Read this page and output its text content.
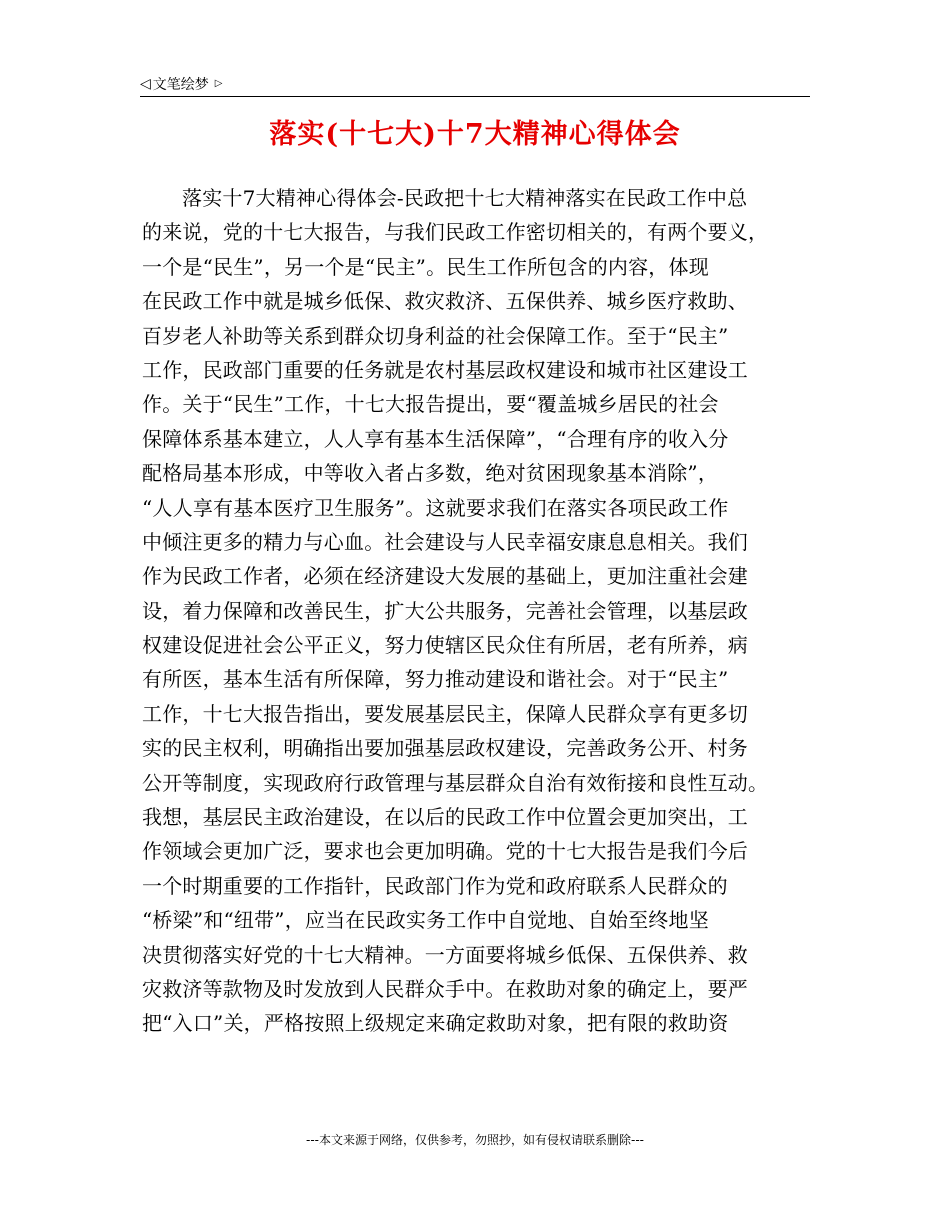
◁ 文笔绘梦 ▷
落实(十七大)十7大精神心得体会
落实十7大精神心得体会-民政把十七大精神落实在民政工作中总
的来说，党的十七大报告，与我们民政工作密切相关的，有两个要义，
一个是“民生”，另一个是“民主”。民生工作所包含的内容，体现
在民政工作中就是城乡低保、救灾救济、五保供养、城乡医疗救助、
百岁老人补助等关系到群众切身利益的社会保障工作。至于“民主”
工作，民政部门重要的任务就是农村基层政权建设和城市社区建设工
作。关于“民生”工作，十七大报告提出，要“覆盖城乡居民的社会
保障体系基本建立，人人享有基本生活保障”，“合理有序的收入分
配格局基本形成，中等收入者占多数，绝对贫困现象基本消除”，
“人人享有基本医疗卫生服务”。这就要求我们在落实各项民政工作
中倾注更多的精力与心血。社会建设与人民幸福安康息息相关。我们
作为民政工作者，必须在经济建设大发展的基础上，更加注重社会建
设，着力保障和改善民生，扩大公共服务，完善社会管理，以基层政
权建设促进社会公平正义，努力使辖区民众住有所居，老有所养，病
有所医，基本生活有所保障，努力推动建设和谐社会。对于“民主”
工作，十七大报告指出，要发展基层民主，保障人民群众享有更多切
实的民主权利，明确指出要加强基层政权建设，完善政务公开、村务
公开等制度，实现政府行政管理与基层群众自治有效衔接和良性互动。
我想，基层民主政治建设，在以后的民政工作中位置会更加突出，工
作领域会更加广泛，要求也会更加明确。党的十七大报告是我们今后
一个时期重要的工作指针，民政部门作为党和政府联系人民群众的
“桥梁”和“纽带”，应当在民政实务工作中自觉地、自始至终地坚
决贯彻落实好党的十七大精神。一方面要将城乡低保、五保供养、救
灾救济等款物及时发放到人民群众手中。在救助对象的确定上，要严
把“入口”关，严格按照上级规定来确定救助对象，把有限的救助资
---本文来源于网络，仅供参考，勿照抄，如有侵权请联系删除---
